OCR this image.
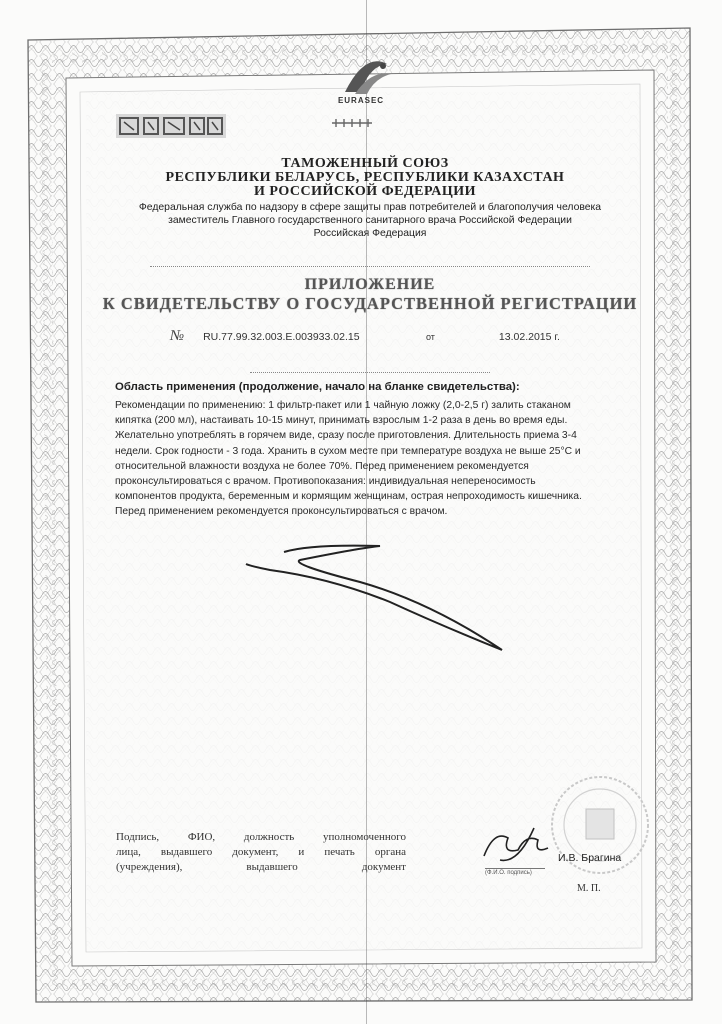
EURASEC
ТАМОЖЕННЫЙ СОЮЗ
РЕСПУБЛИКИ БЕЛАРУСЬ, РЕСПУБЛИКИ КАЗАХСТАН
И РОССИЙСКОЙ ФЕДЕРАЦИИ
Федеральная служба по надзору в сфере защиты прав потребителей и благополучия человека
заместитель Главного государственного санитарного врача Российской Федерации
Российская Федерация
ПРИЛОЖЕНИЕ
К СВИДЕТЕЛЬСТВУ О ГОСУДАРСТВЕННОЙ РЕГИСТРАЦИИ
№ RU.77.99.32.003.E.003933.02.15	от	13.02.2015 г.
Область применения (продолжение, начало на бланке свидетельства):
Рекомендации по применению: 1 фильтр-пакет или 1 чайную ложку (2,0-2,5 г) залить стаканом
кипятка (200 мл), настаивать 10-15 минут, принимать взрослым 1-2 раза в день во время еды.
Желательно употреблять в горячем виде, сразу после приготовления. Длительность приема 3-4
недели. Срок годности - 3 года. Хранить в сухом месте при температуре воздуха не выше 25°С и
относительной влажности воздуха не более 70%. Перед применением рекомендуется
проконсультироваться с врачом. Противопоказания: индивидуальная непереносимость
компонентов продукта, беременным и кормящим женщинам, острая непроходимость кишечника.
Перед применением рекомендуется проконсультироваться с врачом.
Подпись, ФИО, должность уполномоченного
лица, выдавшего документ, и печать органа
(учреждения), выдавшего документ
И.В. Брагина
(Ф.И.О. подпись)
М. П.
